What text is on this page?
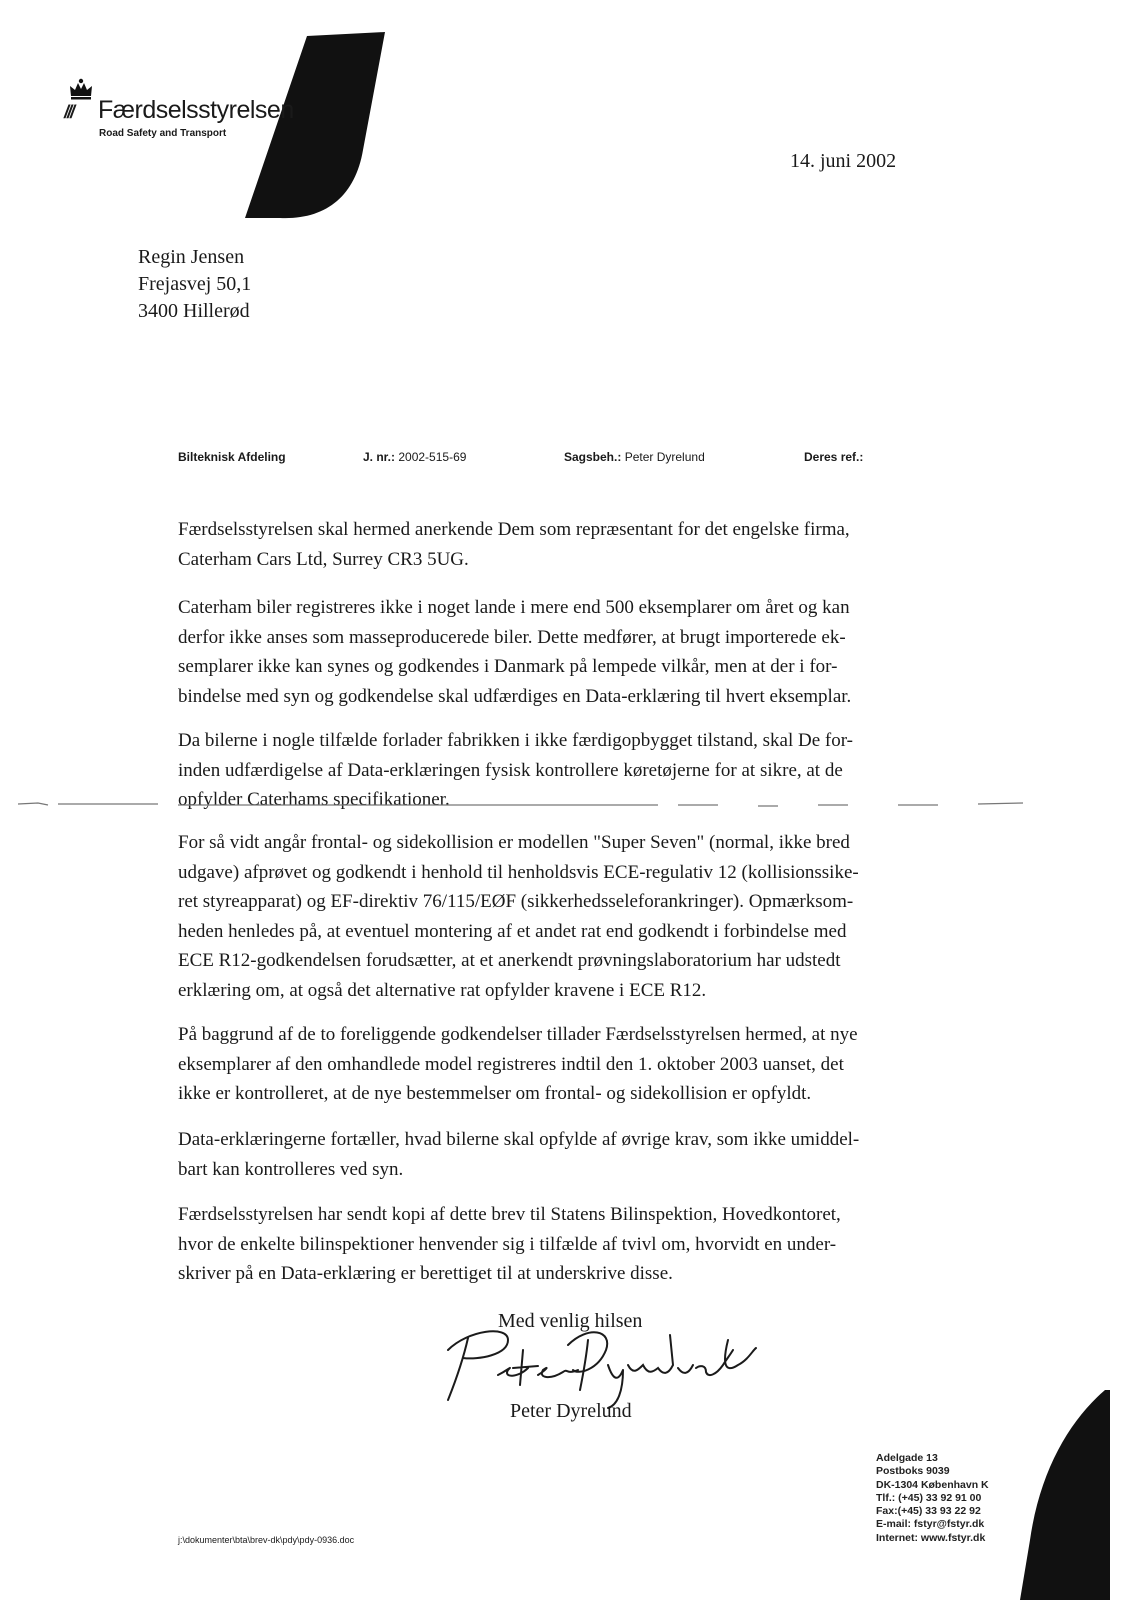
/// Færdselsstyrelsen
Road Safety and Transport
14. juni 2002
Regin Jensen
Frejasvej 50,1
3400 Hillerød
Bilteknisk Afdeling	J. nr.: 2002-515-69	Sagsbeh.: Peter Dyrelund	Deres ref.:

Færdselsstyrelsen skal hermed anerkende Dem som repræsentant for det engelske firma,
Caterham Cars Ltd, Surrey CR3 5UG.

Caterham biler registreres ikke i noget lande i mere end 500 eksemplarer om året og kan
derfor ikke anses som masseproducerede biler. Dette medfører, at brugt importerede ek-
semplarer ikke kan synes og godkendes i Danmark på lempede vilkår, men at der i for-
bindelse med syn og godkendelse skal udfærdiges en Data-erklæring til hvert eksemplar.

Da bilerne i nogle tilfælde forlader fabrikken i ikke færdigopbygget tilstand, skal De for-
inden udfærdigelse af Data-erklæringen fysisk kontrollere køretøjerne for at sikre, at de
opfylder Caterhams specifikationer.

For så vidt angår frontal- og sidekollision er modellen "Super Seven" (normal, ikke bred
udgave) afprøvet og godkendt i henhold til henholdsvis ECE-regulativ 12 (kollisionssike-
ret styreapparat) og EF-direktiv 76/115/EØF (sikkerhedsseleforankringer). Opmærksom-
heden henledes på, at eventuel montering af et andet rat end godkendt i forbindelse med
ECE R12-godkendelsen forudsætter, at et anerkendt prøvningslaboratorium har udstedt
erklæring om, at også det alternative rat opfylder kravene i ECE R12.

På baggrund af de to foreliggende godkendelser tillader Færdselsstyrelsen hermed, at nye
eksemplarer af den omhandlede model registreres indtil den 1. oktober 2003 uanset, det
ikke er kontrolleret, at de nye bestemmelser om frontal- og sidekollision er opfyldt.

Data-erklæringerne fortæller, hvad bilerne skal opfylde af øvrige krav, som ikke umiddel-
bart kan kontrolleres ved syn.

Færdselsstyrelsen har sendt kopi af dette brev til Statens Bilinspektion, Hovedkontoret,
hvor de enkelte bilinspektioner henvender sig i tilfælde af tvivl om, hvorvidt en under-
skriver på en Data-erklæring er berettiget til at underskrive disse.

Med venlig hilsen
Peter Dyrelund
j:\dokumenter\bta\brev-dk\pdy\pdy-0936.doc
Adelgade 13
Postboks 9039
DK-1304 København K
Tlf.: (+45) 33 92 91 00
Fax:(+45) 33 93 22 92
E-mail: fstyr@fstyr.dk
Internet: www.fstyr.dk
